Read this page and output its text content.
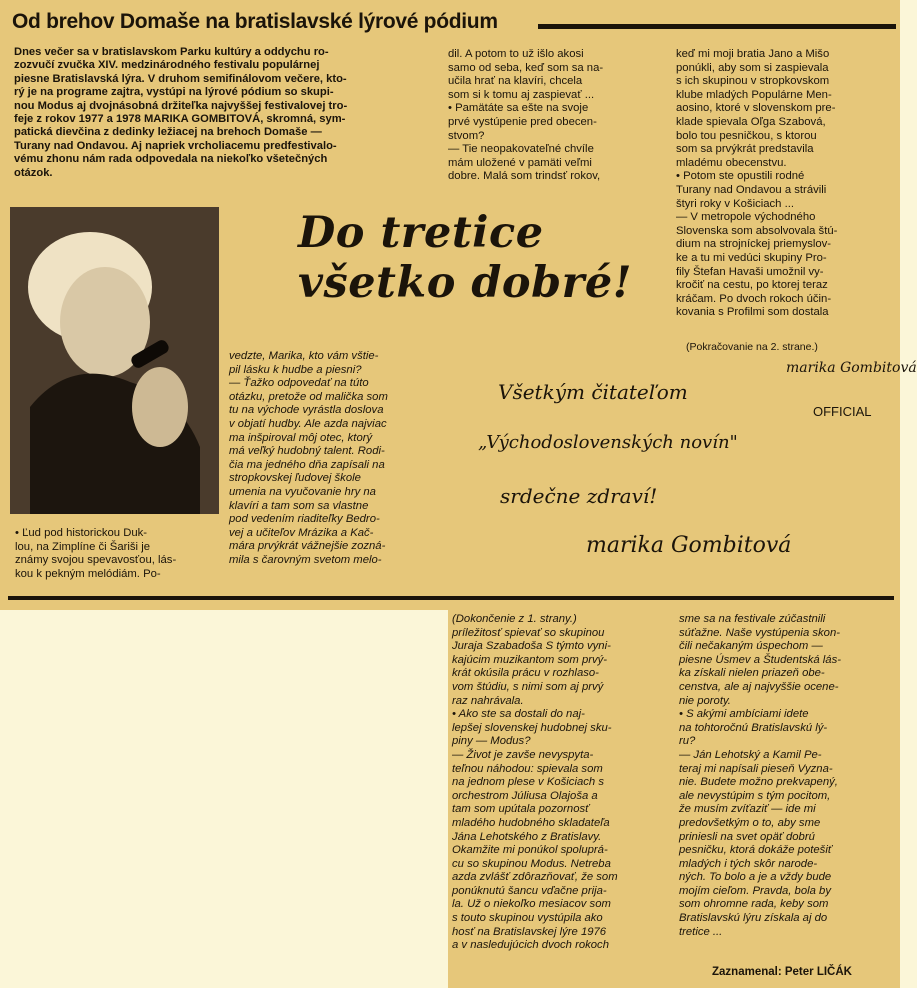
Od brehov Domaše na bratislavské lýrové pódium
Dnes večer sa v bratislavskom Parku kultúry a oddychu ro-
zozvučí zvučka XIV. medzinárodného festivalu populárnej
piesne Bratislavská lýra. V druhom semifinálovom večere, kto-
rý je na programe zajtra, vystúpi na lýrové pódium so skupi-
nou Modus aj dvojnásobná držiteľka najvyššej festivalovej tro-
feje z rokov 1977 a 1978 MARIKA GOMBITOVÁ, skromná, sym-
patická dievčina z dedinky ležiacej na brehoch Domaše —
Turany nad Ondavou. Aj napriek vrcholiacemu predfestivalo-
vému zhonu nám rada odpovedala na niekoľko všetečných
otázok.
Do tretice
všetko dobré!
• Ľud pod historickou Duk-
lou, na Zimplíne či Šariši je
známy svojou spevavosťou, lás-
kou k pekným melódiám. Po-
dil. A potom to už išlo akosi
samo od seba, keď som sa na-
učila hrať na klavíri, chcela
som si k tomu aj zaspievať ...
• Pamätáte sa ešte na svoje
prvé vystúpenie pred obecen-
stvom?
— Tie neopakovateľné chvíle
mám uložené v pamäti veľmi
dobre. Malá som trindsť rokov,
vedzte, Marika, kto vám vštie-
pil lásku k hudbe a piesni?
— Ťažko odpovedať na túto
otázku, pretože od malička som
tu na východe vyrástla doslova
v objatí hudby. Ale azda najviac
ma inšpiroval môj otec, ktorý
má veľký hudobný talent. Rodi-
čia ma jedného dňa zapísali na
stropkovskej ľudovej škole
umenia na vyučovanie hry na
klavíri a tam som sa vlastne
pod vedením riaditeľky Bedro-
vej a učiteľov Mrázika a Kač-
mára prvýkrát vážnejšie zozná-
mila s čarovným svetom melo-
keď mi moji bratia Jano a Mišo
ponúkli, aby som si zaspievala
s ich skupinou v stropkovskom
klube mladých Populárne Men-
aosino, ktoré v slovenskom pre-
klade spievala Oľga Szabová,
bolo tou pesničkou, s ktorou
som sa prvýkrát predstavila
mladému obecenstvu.
• Potom ste opustili rodné
Turany nad Ondavou a strávili
štyri roky v Košiciach ...
— V metropole východného
Slovenska som absolvovala štú-
dium na strojníckej priemyslov-
ke a tu mi vedúci skupiny Pro-
fily Štefan Havaši umožnil vy-
kročiť na cestu, po ktorej teraz
kráčam. Po dvoch rokoch účin-
kovania s Profilmi som dostala
(Pokračovanie na 2. strane.)
Všetkým čitateľom
„Východoslovenských novín"
srdečne zdraví!
marika Gombitová
marika Gombitová
OFFICIAL
(Dokončenie z 1. strany.)
príležitosť spievať so skupinou
Juraja Szabadoša S týmto vyni-
kajúcim muzikantom som prvý-
krát okúsila prácu v rozhlaso-
vom štúdiu, s nimi som aj prvý
raz nahrávala.
• Ako ste sa dostali do naj-
lepšej slovenskej hudobnej sku-
piny — Modus?
— Život je zavše nevyspyta-
teľnou náhodou: spievala som
na jednom plese v Košiciach s
orchestrom Júliusa Olajoša a
tam som upútala pozornosť
mladého hudobného skladateľa
Jána Lehotského z Bratislavy.
Okamžite mi ponúkol spoluprá-
cu so skupinou Modus. Netreba
azda zvlášť zdôrazňovať, že som
ponúknutú šancu vďačne prija-
la. Už o niekoľko mesiacov som
s touto skupinou vystúpila ako
hosť na Bratislavskej lýre 1976
a v nasledujúcich dvoch rokoch
sme sa na festivale zúčastnili
súťažne. Naše vystúpenia skon-
čili nečakaným úspechom —
piesne Úsmev a Študentská lás-
ka získali nielen priazeň obe-
censtva, ale aj najvyššie ocene-
nie poroty.
• S akými ambíciami idete
na tohtoročnú Bratislavskú lý-
ru?
— Ján Lehotský a Kamil Pe-
teraj mi napísali pieseň Vyzna-
nie. Budete možno prekvapený,
ale nevystúpim s tým pocitom,
že musím zvíťaziť — ide mi
predovšetkým o to, aby sme
priniesli na svet opäť dobrú
pesničku, ktorá dokáže potešiť
mladých i tých skôr narode-
ných. To bolo a je a vždy bude
mojím cieľom. Pravda, bola by
som ohromne rada, keby som
Bratislavskú lýru získala aj do
tretice ...
Zaznamenal: Peter LIČÁK
